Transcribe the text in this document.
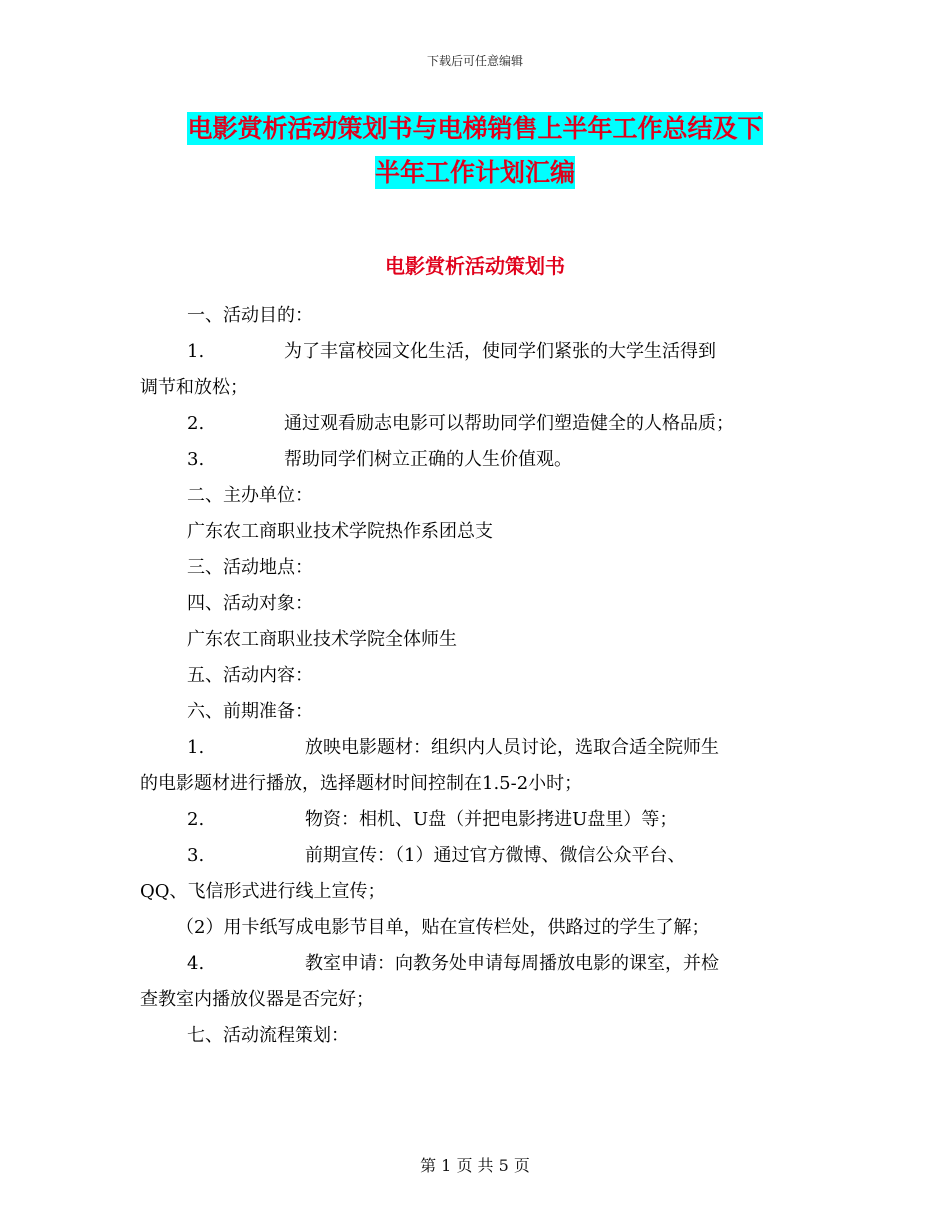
下载后可任意编辑
电影赏析活动策划书与电梯销售上半年工作总结及下
半年工作计划汇编
电影赏析活动策划书
一、活动目的：
1.	为了丰富校园文化生活，使同学们紧张的大学生活得到
调节和放松；
2.	通过观看励志电影可以帮助同学们塑造健全的人格品质；
3.	帮助同学们树立正确的人生价值观。
二、主办单位：
广东农工商职业技术学院热作系团总支
三、活动地点：
四、活动对象：
广东农工商职业技术学院全体师生
五、活动内容：
六、前期准备：
1.	放映电影题材：组织内人员讨论，选取合适全院师生
的电影题材进行播放，选择题材时间控制在1.5-2小时；
2.	物资：相机、U盘（并把电影拷进U盘里）等；
3.	前期宣传：（1）通过官方微博、微信公众平台、
QQ、飞信形式进行线上宣传；
（2）用卡纸写成电影节目单，贴在宣传栏处，供路过的学生了解；
4.	教室申请：向教务处申请每周播放电影的课室，并检
查教室内播放仪器是否完好；
七、活动流程策划：
第 1 页 共 5 页
